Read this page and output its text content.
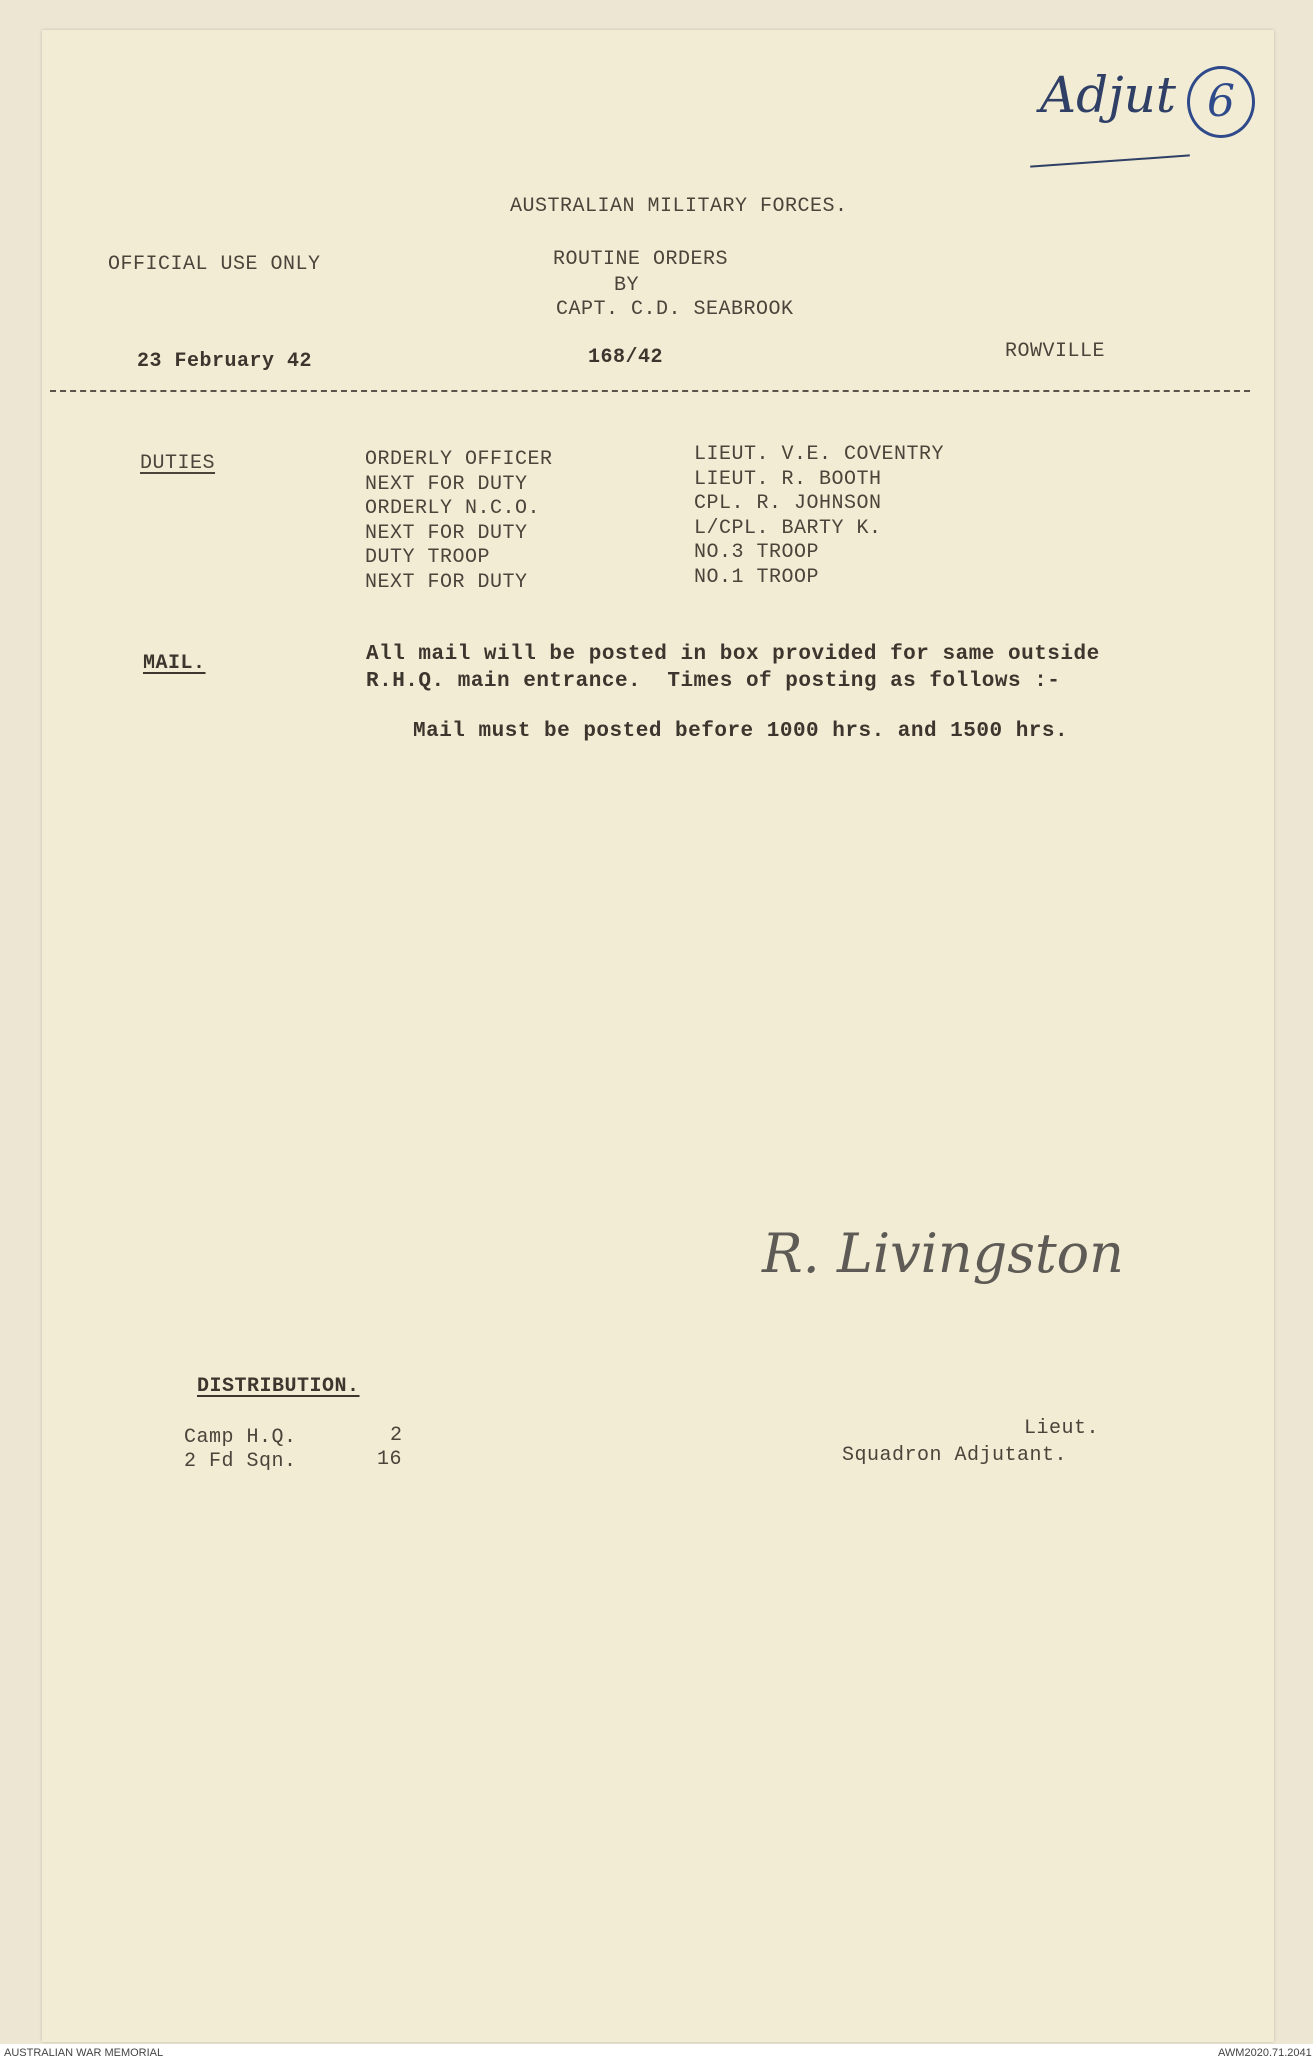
Adjut 6
AUSTRALIAN MILITARY FORCES.
OFFICIAL USE ONLY	ROUTINE ORDERS
BY
CAPT. C.D. SEABROOK
23 February 42	168/42	ROWVILLE
DUTIES	ORDERLY OFFICER	LIEUT. V.E. COVENTRY
NEXT FOR DUTY	LIEUT. R. BOOTH
ORDERLY N.C.O.	CPL. R. JOHNSON
NEXT FOR DUTY	L/CPL. BARTY K.
DUTY TROOP	NO.3 TROOP
NEXT FOR DUTY	NO.1 TROOP
MAIL.	All mail will be posted in box provided for same outside
R.H.Q. main entrance.  Times of posting as follows :-
Mail must be posted before 1000 hrs. and 1500 hrs.
R. Livingston
DISTRIBUTION.
Camp H.Q.	2
2 Fd Sqn.	16
Lieut.
Squadron Adjutant.
AUSTRALIAN WAR MEMORIAL	AWM2020.71.2041
